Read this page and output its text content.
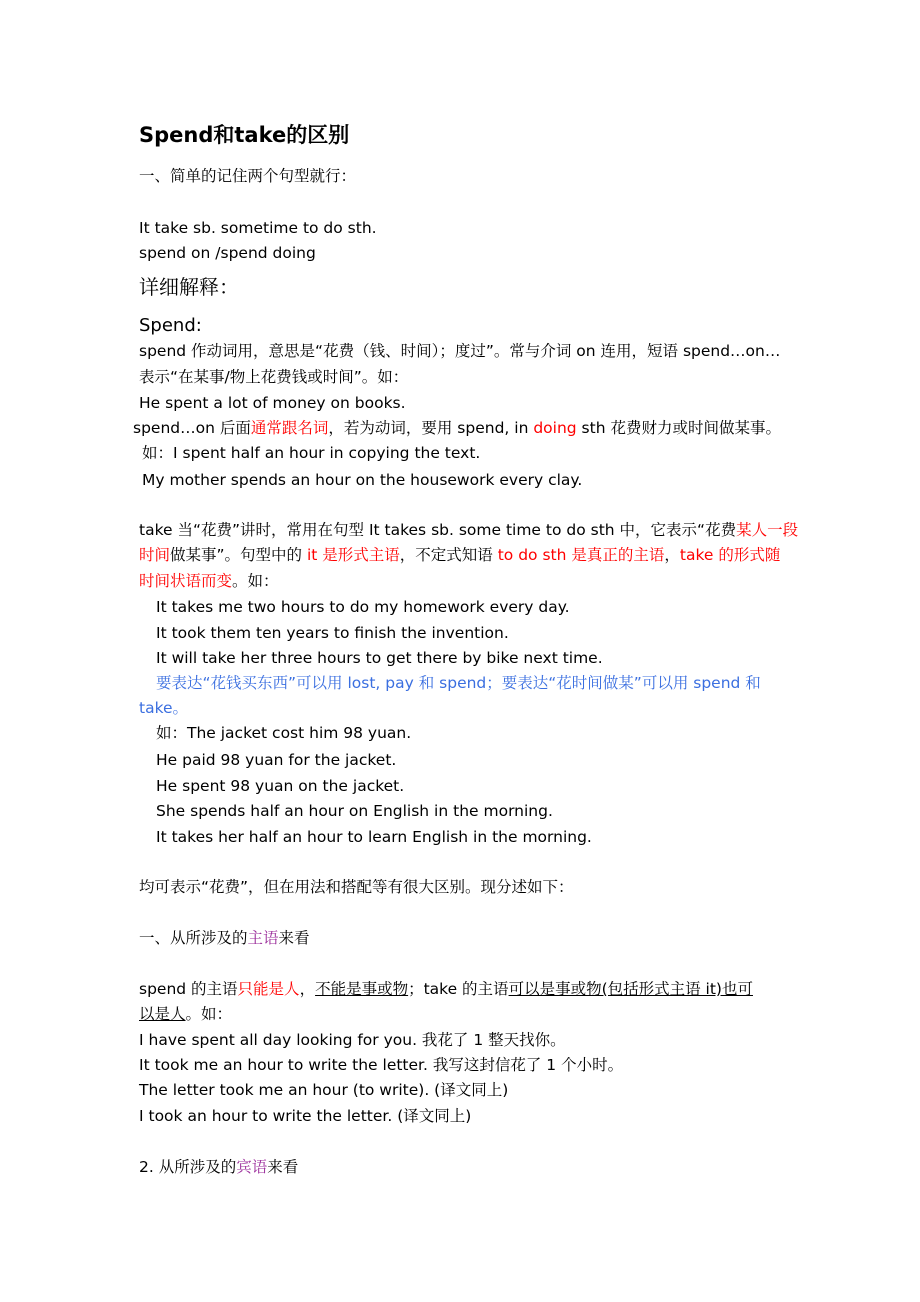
Spend和take的区别
一、简单的记住两个句型就行：
It take sb. sometime to do sth.
spend on /spend doing
详细解释：
Spend:
spend 作动词用，意思是“花费（钱、时间）；度过”。常与介词 on 连用，短语 spend…on…
表示“在某事/物上花费钱或时间”。如：
He spent a lot of money on books.
spend…on 后面通常跟名词，若为动词，要用 spend, in doing sth 花费财力或时间做某事。
如：I spent half an hour in copying the text.
My mother spends an hour on the housework every clay.
take 当“花费”讲时，常用在句型 It takes sb. some time to do sth 中，它表示“花费某人一段
时间做某事”。句型中的 it 是形式主语，不定式知语 to do sth 是真正的主语，take 的形式随
时间状语而变。如：
It takes me two hours to do my homework every day.
It took them ten years to finish the invention.
It will take her three hours to get there by bike next time.
要表达“花钱买东西”可以用 lost, pay 和 spend；要表达“花时间做某”可以用 spend 和
take。
如：The jacket cost him 98 yuan.
He paid 98 yuan for the jacket.
He spent 98 yuan on the jacket.
She spends half an hour on English in the morning.
It takes her half an hour to learn English in the morning.
均可表示“花费”，但在用法和搭配等有很大区别。现分述如下：
一、从所涉及的主语来看
spend 的主语只能是人，不能是事或物；take 的主语可以是事或物(包括形式主语 it)也可
以是人。如：
I have spent all day looking for you. 我花了 1 整天找你。
It took me an hour to write the letter. 我写这封信花了 1 个小时。
The letter took me an hour (to write). (译文同上)
I took an hour to write the letter. (译文同上)
2. 从所涉及的宾语来看
